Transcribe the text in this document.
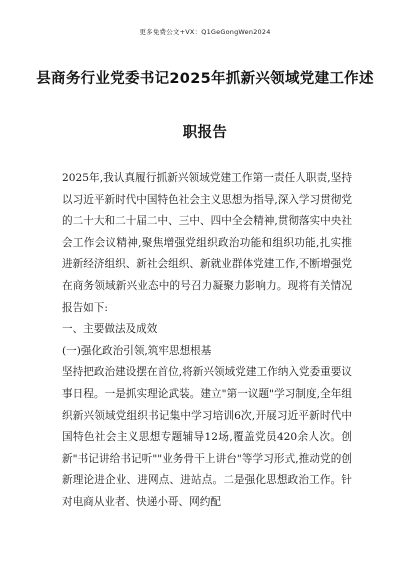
更多免费公文+VX：Q1GeGongWen2024
县商务行业党委书记2025年抓新兴领域党建工作述
职报告

2025年,我认真履行抓新兴领域党建工作第一责任人职责,坚持以习近平新时代中国特色社会主义思想为指导,深入学习贯彻党的二十大和二十届二中、三中、四中全会精神,贯彻落实中央社会工作会议精神,聚焦增强党组织政治功能和组织功能,扎实推进新经济组织、新社会组织、新就业群体党建工作,不断增强党在商务领域新兴业态中的号召力凝聚力影响力。现将有关情况报告如下:

一、主要做法及成效

(一)强化政治引领,筑牢思想根基

坚持把政治建设摆在首位,将新兴领域党建工作纳入党委重要议事日程。一是抓实理论武装。建立"第一议题"学习制度,全年组织新兴领域党组织书记集中学习培训6次,开展习近平新时代中国特色社会主义思想专题辅导12场,覆盖党员420余人次。创新"书记讲给书记听""业务骨干上讲台"等学习形式,推动党的创新理论进企业、进网点、进站点。二是强化思想政治工作。针对电商从业者、快递小哥、网约配
